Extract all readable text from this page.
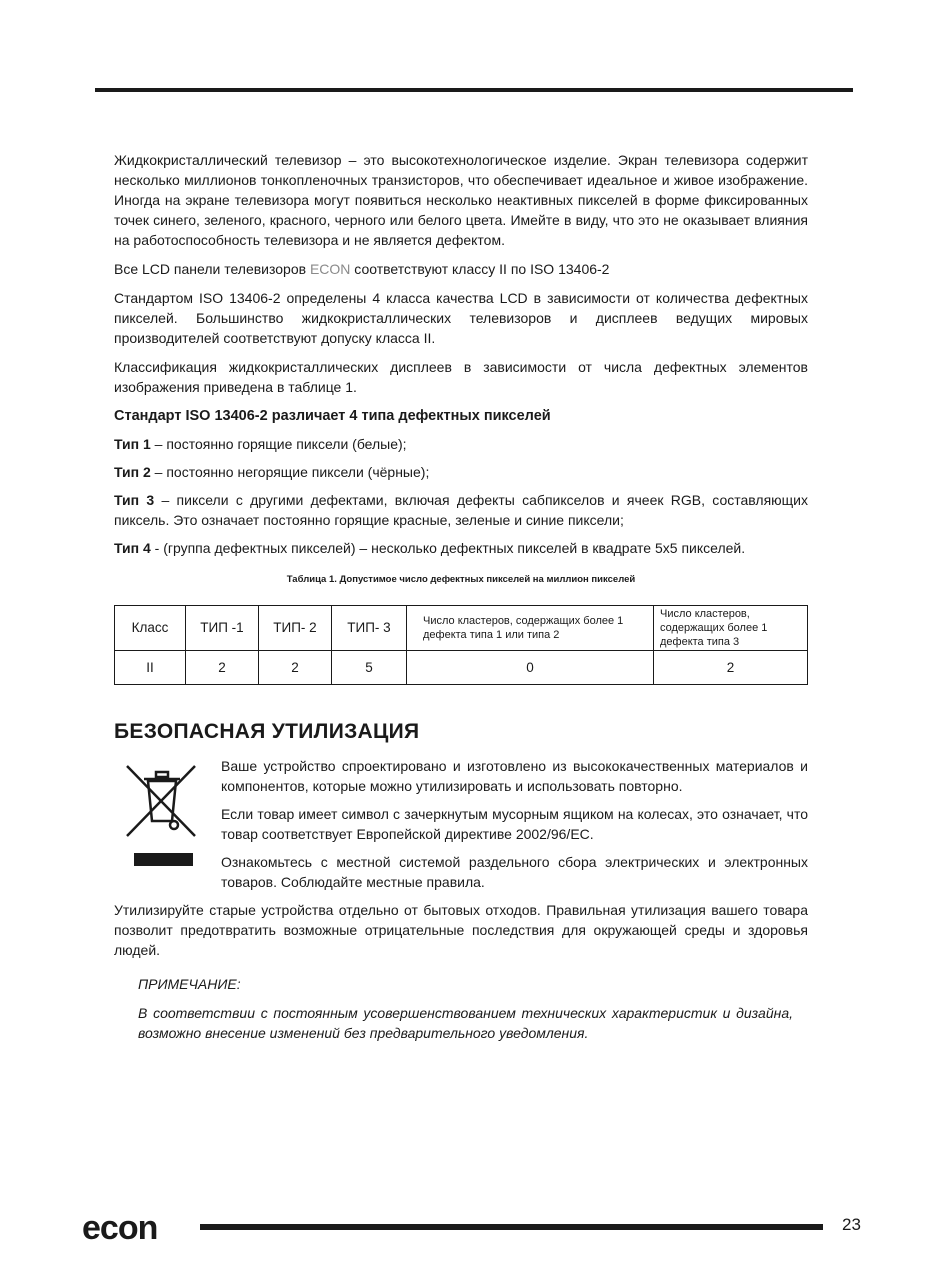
Жидкокристаллический телевизор – это высокотехнологическое изделие. Экран телевизора содержит несколько миллионов тонкопленочных транзисторов, что обеспечивает идеальное и живое изображение. Иногда на экране телевизора могут появиться несколько неактивных пикселей в форме фиксированных точек синего, зеленого, красного, черного или белого цвета. Имейте в виду, что это не оказывает влияния на работоспособность телевизора и не является дефектом.

Все LCD панели телевизоров ECON соответствуют классу II по ISO 13406-2

Стандартом ISO 13406-2 определены 4 класса качества LCD в зависимости от количества дефектных пикселей. Большинство жидкокристаллических телевизоров и дисплеев ведущих мировых производителей соответствуют допуску класса II.

Классификация жидкокристаллических дисплеев в зависимости от числа дефектных элементов изображения приведена в таблице 1.

Стандарт ISO 13406-2 различает 4 типа дефектных пикселей
Тип 1 – постоянно горящие пиксели (белые);
Тип 2 – постоянно негорящие пиксели (чёрные);
Тип 3 – пиксели с другими дефектами, включая дефекты сабпикселов и ячеек RGB, составляющих пиксель. Это означает постоянно горящие красные, зеленые и синие пиксели;
Тип 4 - (группа дефектных пикселей) – несколько дефектных пикселей в квадрате 5х5 пикселей.
Таблица 1. Допустимое число дефектных пикселей на миллион пикселей
Класс	ТИП -1	ТИП- 2	ТИП- 3	Число кластеров, содержащих более 1 дефекта типа 1 или типа 2	Число кластеров, содержащих более 1 дефекта типа 3
II	2	2	5	0	2
БЕЗОПАСНАЯ УТИЛИЗАЦИЯ

Ваше устройство спроектировано и изготовлено из высококачественных материалов и компонентов, которые можно утилизировать и использовать повторно.

Если товар имеет символ с зачеркнутым мусорным ящиком на колесах, это означает, что товар соответствует Европейской директиве 2002/96/EC.

Ознакомьтесь с местной системой раздельного сбора электрических и электронных товаров. Соблюдайте местные правила.

Утилизируйте старые устройства отдельно от бытовых отходов. Правильная утилизация вашего товара позволит предотвратить возможные отрицательные последствия для окружающей среды и здоровья людей.

ПРИМЕЧАНИЕ:

В соответствии с постоянным усовершенствованием технических характеристик и дизайна, возможно внесение изменений без предварительного уведомления.

econ	23
